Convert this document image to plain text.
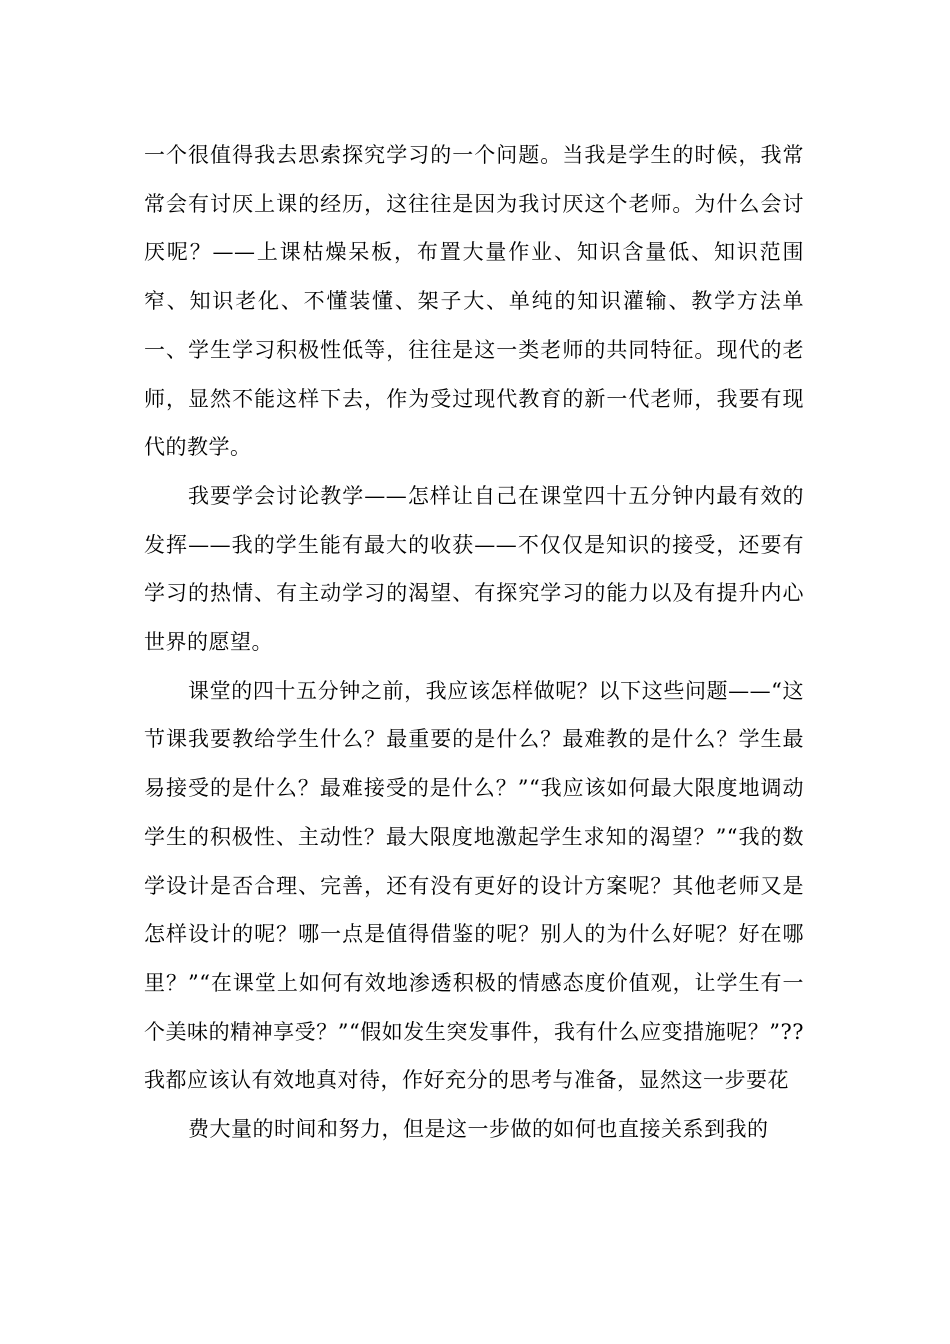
一个很值得我去思索探究学习的一个问题。当我是学生的时候，我常常会有讨厌上课的经历，这往往是因为我讨厌这个老师。为什么会讨厌呢？——上课枯燥呆板，布置大量作业、知识含量低、知识范围窄、知识老化、不懂装懂、架子大、单纯的知识灌输、教学方法单一、学生学习积极性低等，往往是这一类老师的共同特征。现代的老师，显然不能这样下去，作为受过现代教育的新一代老师，我要有现代的教学。

我要学会讨论教学——怎样让自己在课堂四十五分钟内最有效的发挥——我的学生能有最大的收获——不仅仅是知识的接受，还要有学习的热情、有主动学习的渴望、有探究学习的能力以及有提升内心世界的愿望。

课堂的四十五分钟之前，我应该怎样做呢？以下这些问题——“这节课我要教给学生什么？最重要的是什么？最难教的是什么？学生最易接受的是什么？最难接受的是什么？”“我应该如何最大限度地调动学生的积极性、主动性？最大限度地激起学生求知的渴望？”“我的数学设计是否合理、完善，还有没有更好的设计方案呢？其他老师又是怎样设计的呢？哪一点是值得借鉴的呢？别人的为什么好呢？好在哪里？”“在课堂上如何有效地渗透积极的情感态度价值观，让学生有一个美味的精神享受？”“假如发生突发事件，我有什么应变措施呢？”??我都应该认有效地真对待，作好充分的思考与准备，显然这一步要花

费大量的时间和努力，但是这一步做的如何也直接关系到我的
